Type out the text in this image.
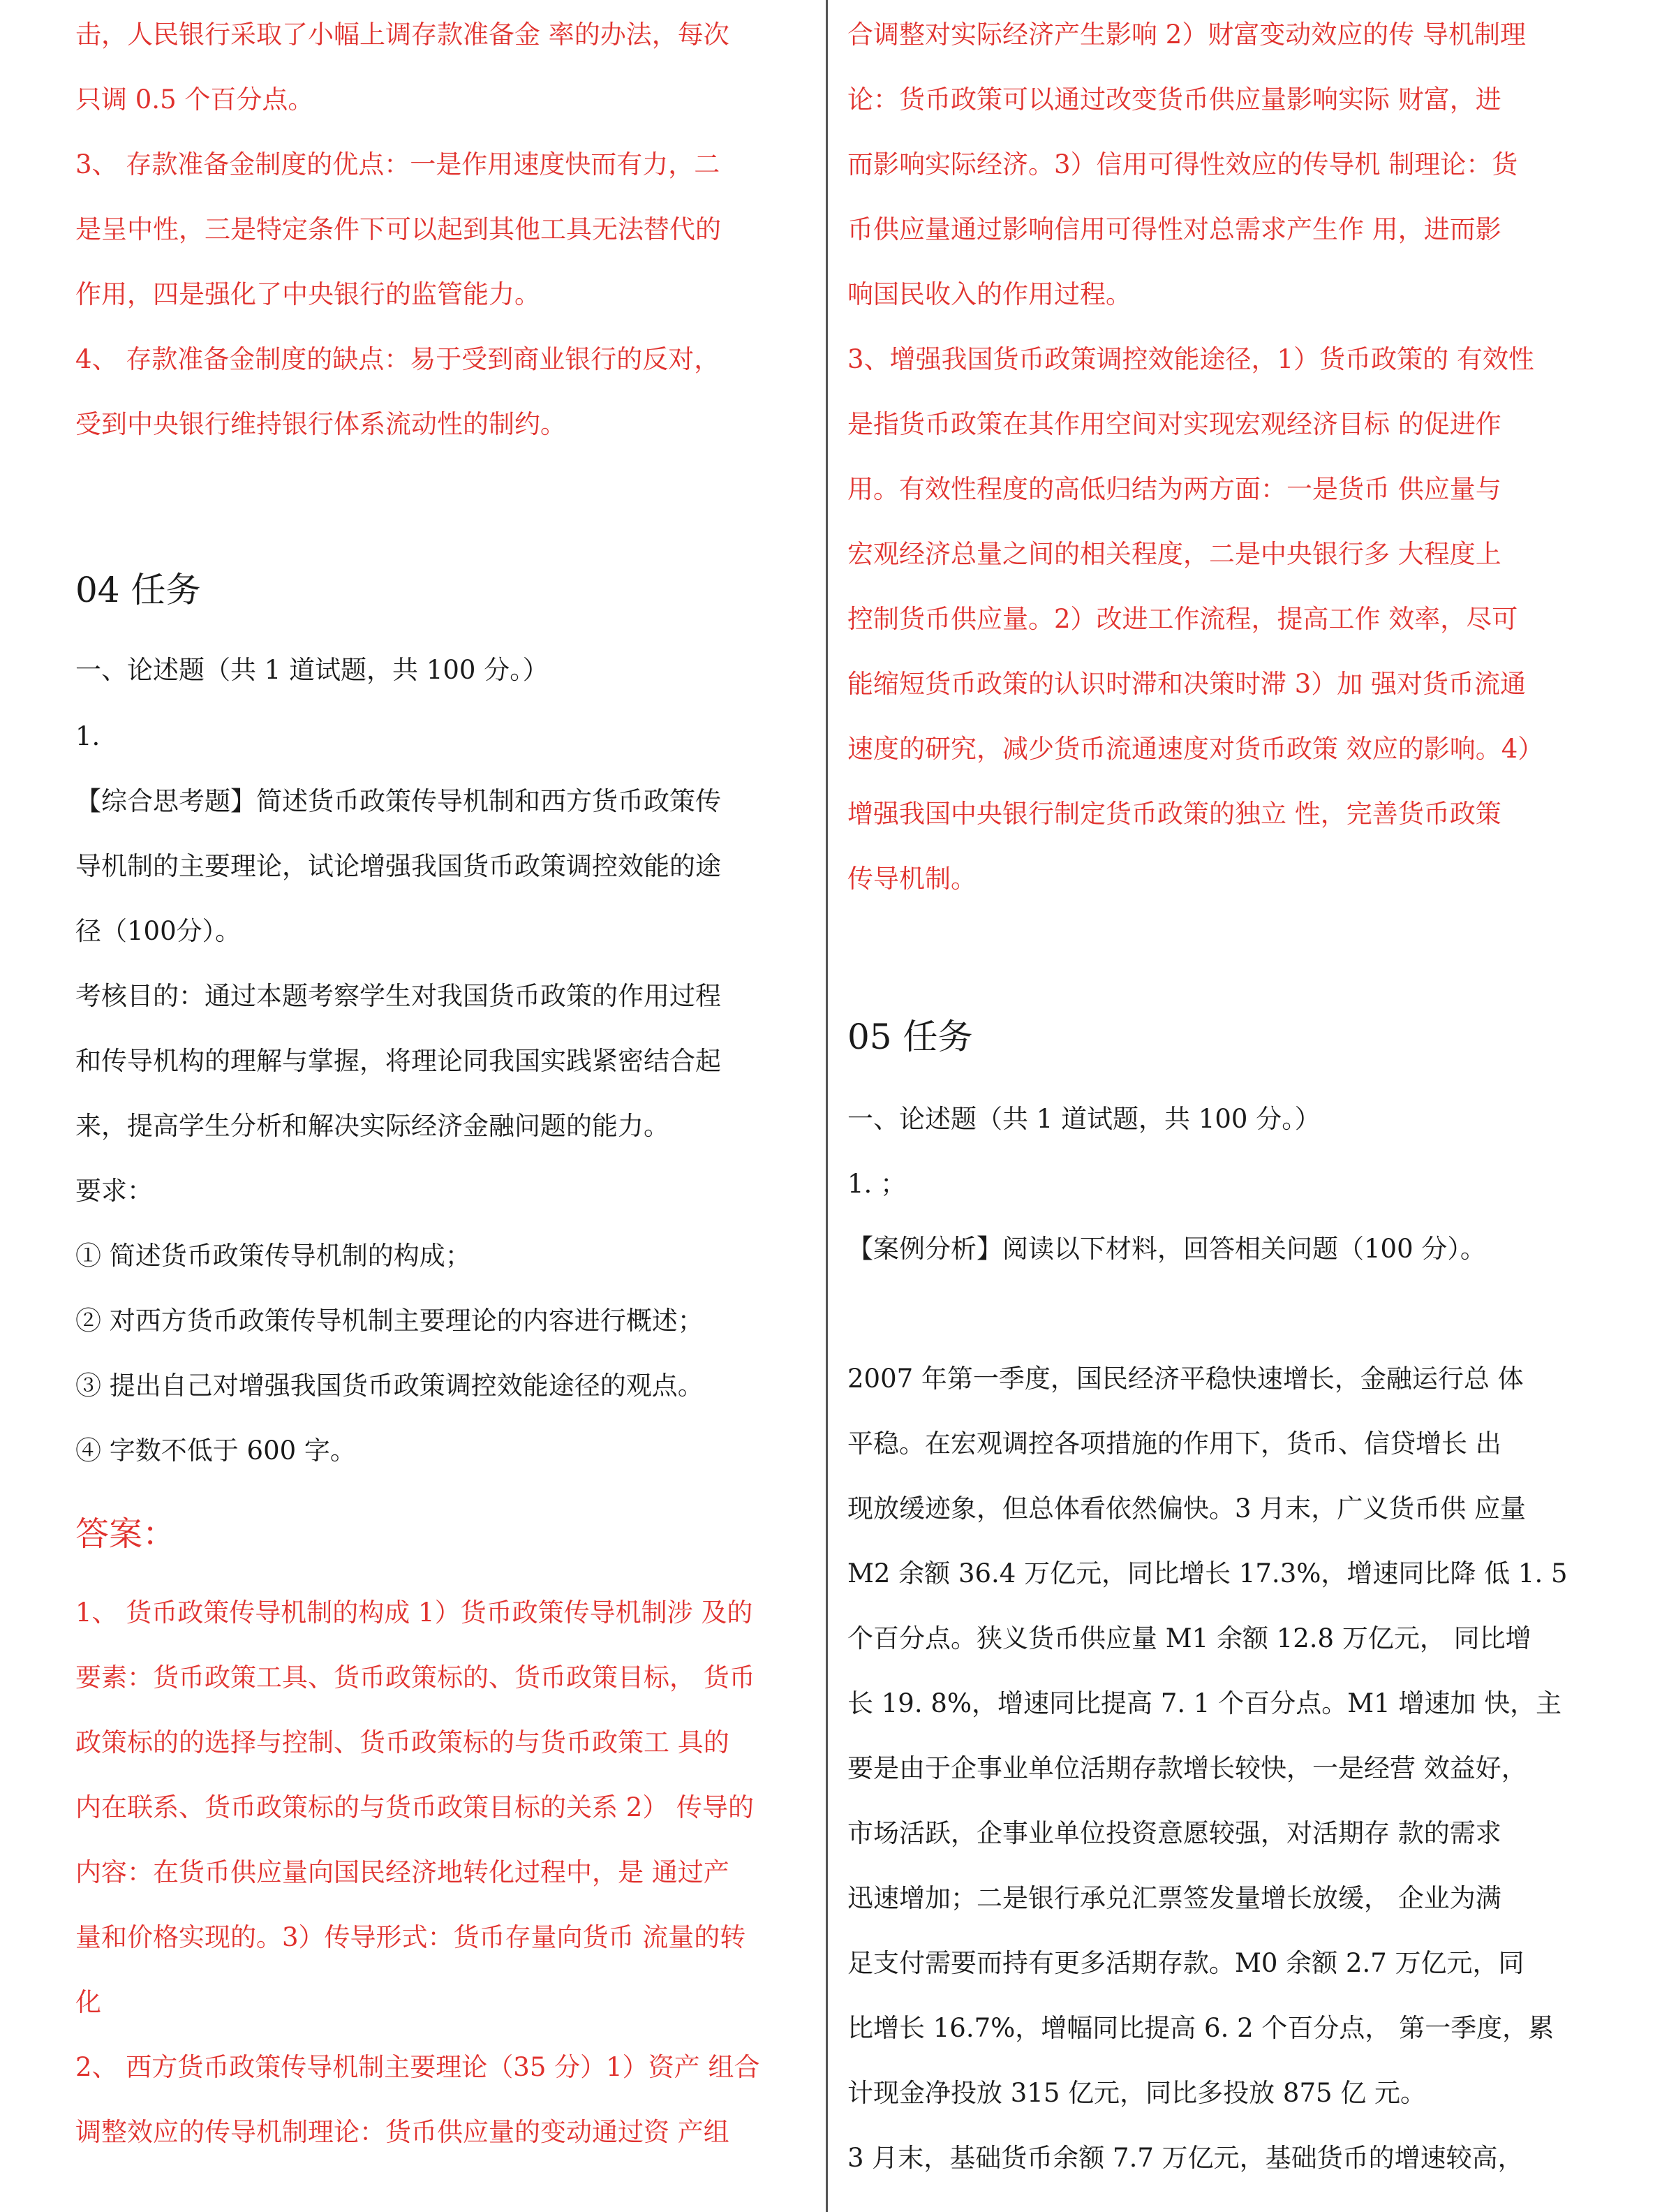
击，人民银行采取了小幅上调存款准备金 率的办法，每次
只调 0.5 个百分点。
3、 存款准备金制度的优点：一是作用速度快而有力，二
是呈中性，三是特定条件下可以起到其他工具无法替代的
作用，四是强化了中央银行的监管能力。
4、 存款准备金制度的缺点：易于受到商业银行的反对，
受到中央银行维持银行体系流动性的制约。
04 任务
一、论述题（共 1 道试题，共 100 分。）
1.
【综合思考题】简述货币政策传导机制和西方货币政策传
导机制的主要理论，试论增强我国货币政策调控效能的途
径（100分）。
考核目的：通过本题考察学生对我国货币政策的作用过程
和传导机构的理解与掌握，将理论同我国实践紧密结合起
来，提高学生分析和解决实际经济金融问题的能力。
要求：
① 简述货币政策传导机制的构成；
② 对西方货币政策传导机制主要理论的内容进行概述；
③ 提出自己对增强我国货币政策调控效能途径的观点。
④ 字数不低于 600 字。
答案：
1、 货币政策传导机制的构成 1）货币政策传导机制涉 及的
要素：货币政策工具、货币政策标的、货币政策目标， 货币
政策标的的选择与控制、货币政策标的与货币政策工 具的
内在联系、货币政策标的与货币政策目标的关系 2） 传导的
内容：在货币供应量向国民经济地转化过程中，是 通过产
量和价格实现的。3）传导形式：货币存量向货币 流量的转
化
2、 西方货币政策传导机制主要理论（35 分）1）资产 组合
调整效应的传导机制理论：货币供应量的变动通过资 产组
合调整对实际经济产生影响 2）财富变动效应的传 导机制理
论：货币政策可以通过改变货币供应量影响实际 财富，进
而影响实际经济。3）信用可得性效应的传导机 制理论：货
币供应量通过影响信用可得性对总需求产生作 用，进而影
响国民收入的作用过程。
3、增强我国货币政策调控效能途径，1）货币政策的 有效性
是指货币政策在其作用空间对实现宏观经济目标 的促进作
用。有效性程度的高低归结为两方面：一是货币 供应量与
宏观经济总量之间的相关程度，二是中央银行多 大程度上
控制货币供应量。2）改进工作流程，提高工作 效率，尽可
能缩短货币政策的认识时滞和决策时滞 3）加 强对货币流通
速度的研究，减少货币流通速度对货币政策 效应的影响。4）
增强我国中央银行制定货币政策的独立 性，完善货币政策
传导机制。
05 任务
一、论述题（共 1 道试题，共 100 分。）
1. ；
【案例分析】阅读以下材料，回答相关问题（100 分）。
2007 年第一季度，国民经济平稳快速增长，金融运行总 体
平稳。在宏观调控各项措施的作用下，货币、信贷增长 出
现放缓迹象，但总体看依然偏快。3 月末，广义货币供 应量
M2 余额 36.4 万亿元，同比增长 17.3%，增速同比降 低 1. 5
个百分点。狭义货币供应量 M1 余额 12.8 万亿元， 同比增
长 19. 8%，增速同比提高 7. 1 个百分点。M1 增速加 快，主
要是由于企事业单位活期存款增长较快，一是经营 效益好，
市场活跃，企事业单位投资意愿较强，对活期存 款的需求
迅速增加；二是银行承兑汇票签发量增长放缓， 企业为满
足支付需要而持有更多活期存款。M0 余额 2.7 万亿元，同
比增长 16.7%，增幅同比提高 6. 2 个百分点， 第一季度，累
计现金净投放 315 亿元，同比多投放 875 亿 元。
3 月末，基础货币余额 7.7 万亿元，基础货币的增速较高，
